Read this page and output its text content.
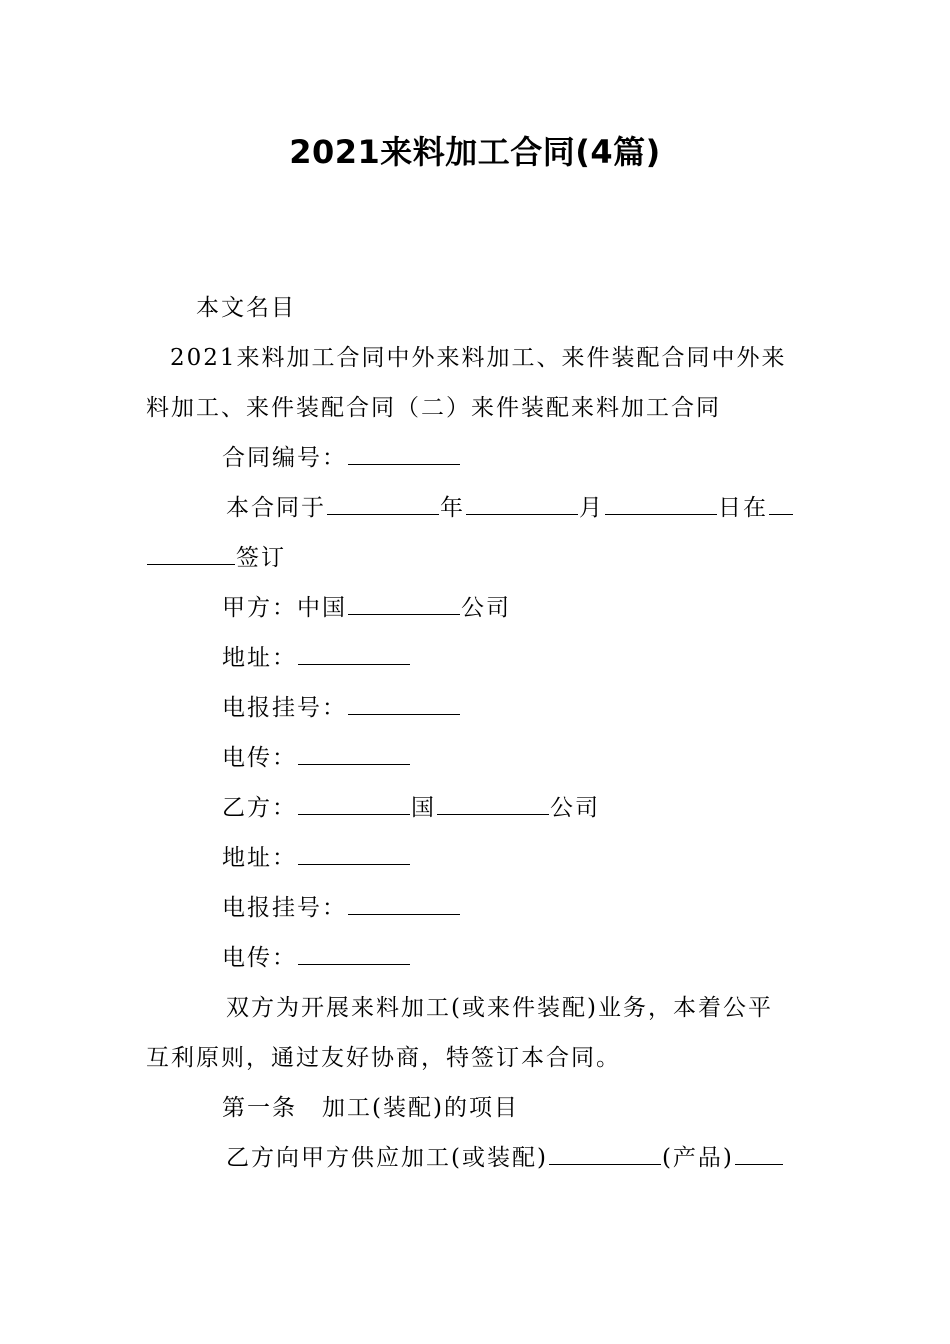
2021来料加工合同(4篇)
本文名目
2021来料加工合同中外来料加工、来件装配合同中外来
料加工、来件装配合同（二）来件装配来料加工合同
合同编号：
本合同于	年	月	日在
签订
甲方：中国	公司
地址：
电报挂号：
电传：
乙方：	国	公司
地址：
电报挂号：
电传：
双方为开展来料加工(或来件装配)业务，本着公平
互利原则，通过友好协商，特签订本合同。
第一条　加工(装配)的项目
乙方向甲方供应加工(或装配)	(产品)
